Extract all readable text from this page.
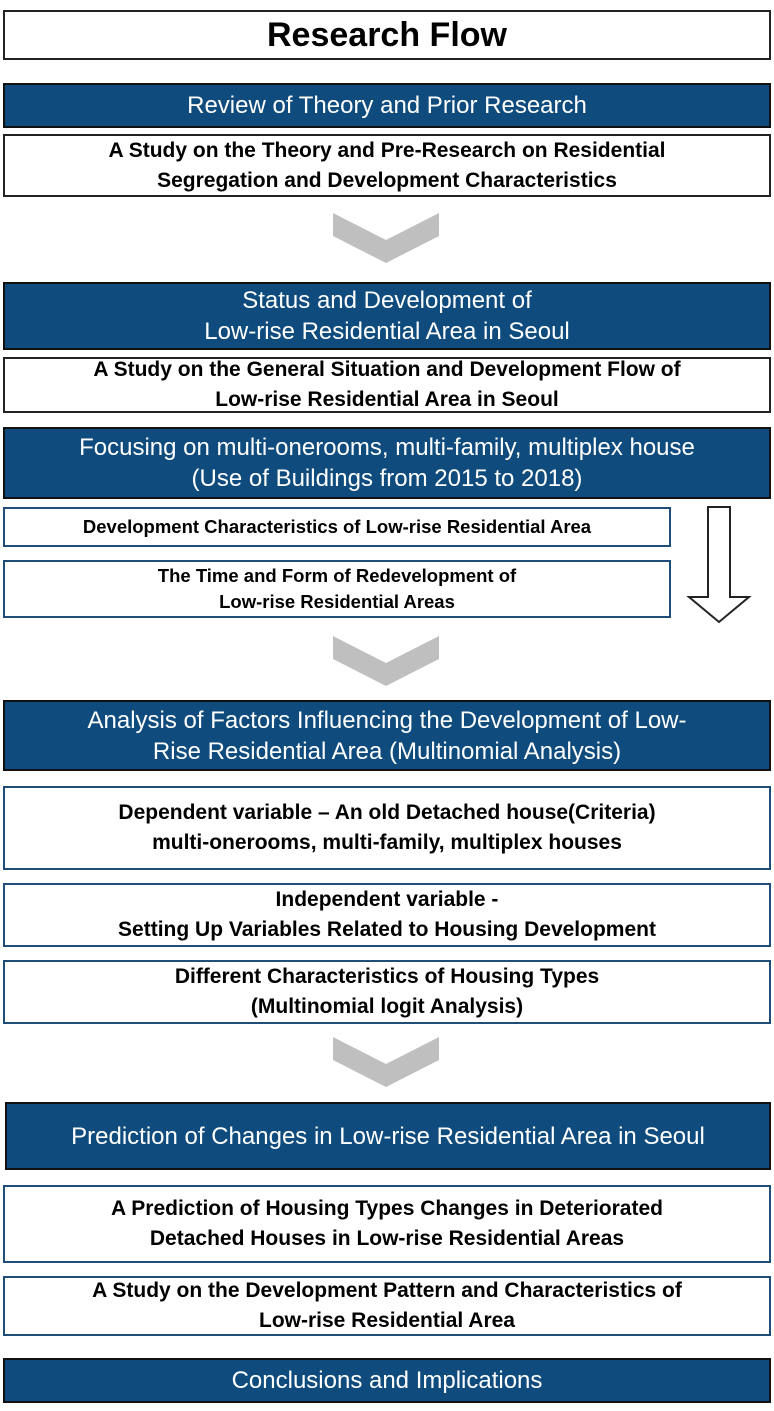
Research Flow
Review of Theory and Prior Research
A Study on the Theory and Pre-Research on Residential
Segregation and Development Characteristics
Status and Development of
Low-rise Residential Area in Seoul
A Study on the General Situation and Development Flow of
Low-rise Residential Area in Seoul
Focusing on multi-onerooms, multi-family, multiplex house
(Use of Buildings from 2015 to 2018)
Development Characteristics of Low-rise Residential Area
The Time and Form of Redevelopment of
Low-rise Residential Areas
Analysis of Factors Influencing the Development of Low-
Rise Residential Area (Multinomial Analysis)
Dependent variable – An old Detached house(Criteria)
multi-onerooms, multi-family, multiplex houses
Independent variable -
Setting Up Variables Related to Housing Development
Different Characteristics of Housing Types
(Multinomial logit Analysis)
Prediction of Changes in Low-rise Residential Area in Seoul
A Prediction of Housing Types Changes in Deteriorated
Detached Houses in Low-rise Residential Areas
A Study on the Development Pattern and Characteristics of
Low-rise Residential Area
Conclusions and Implications
